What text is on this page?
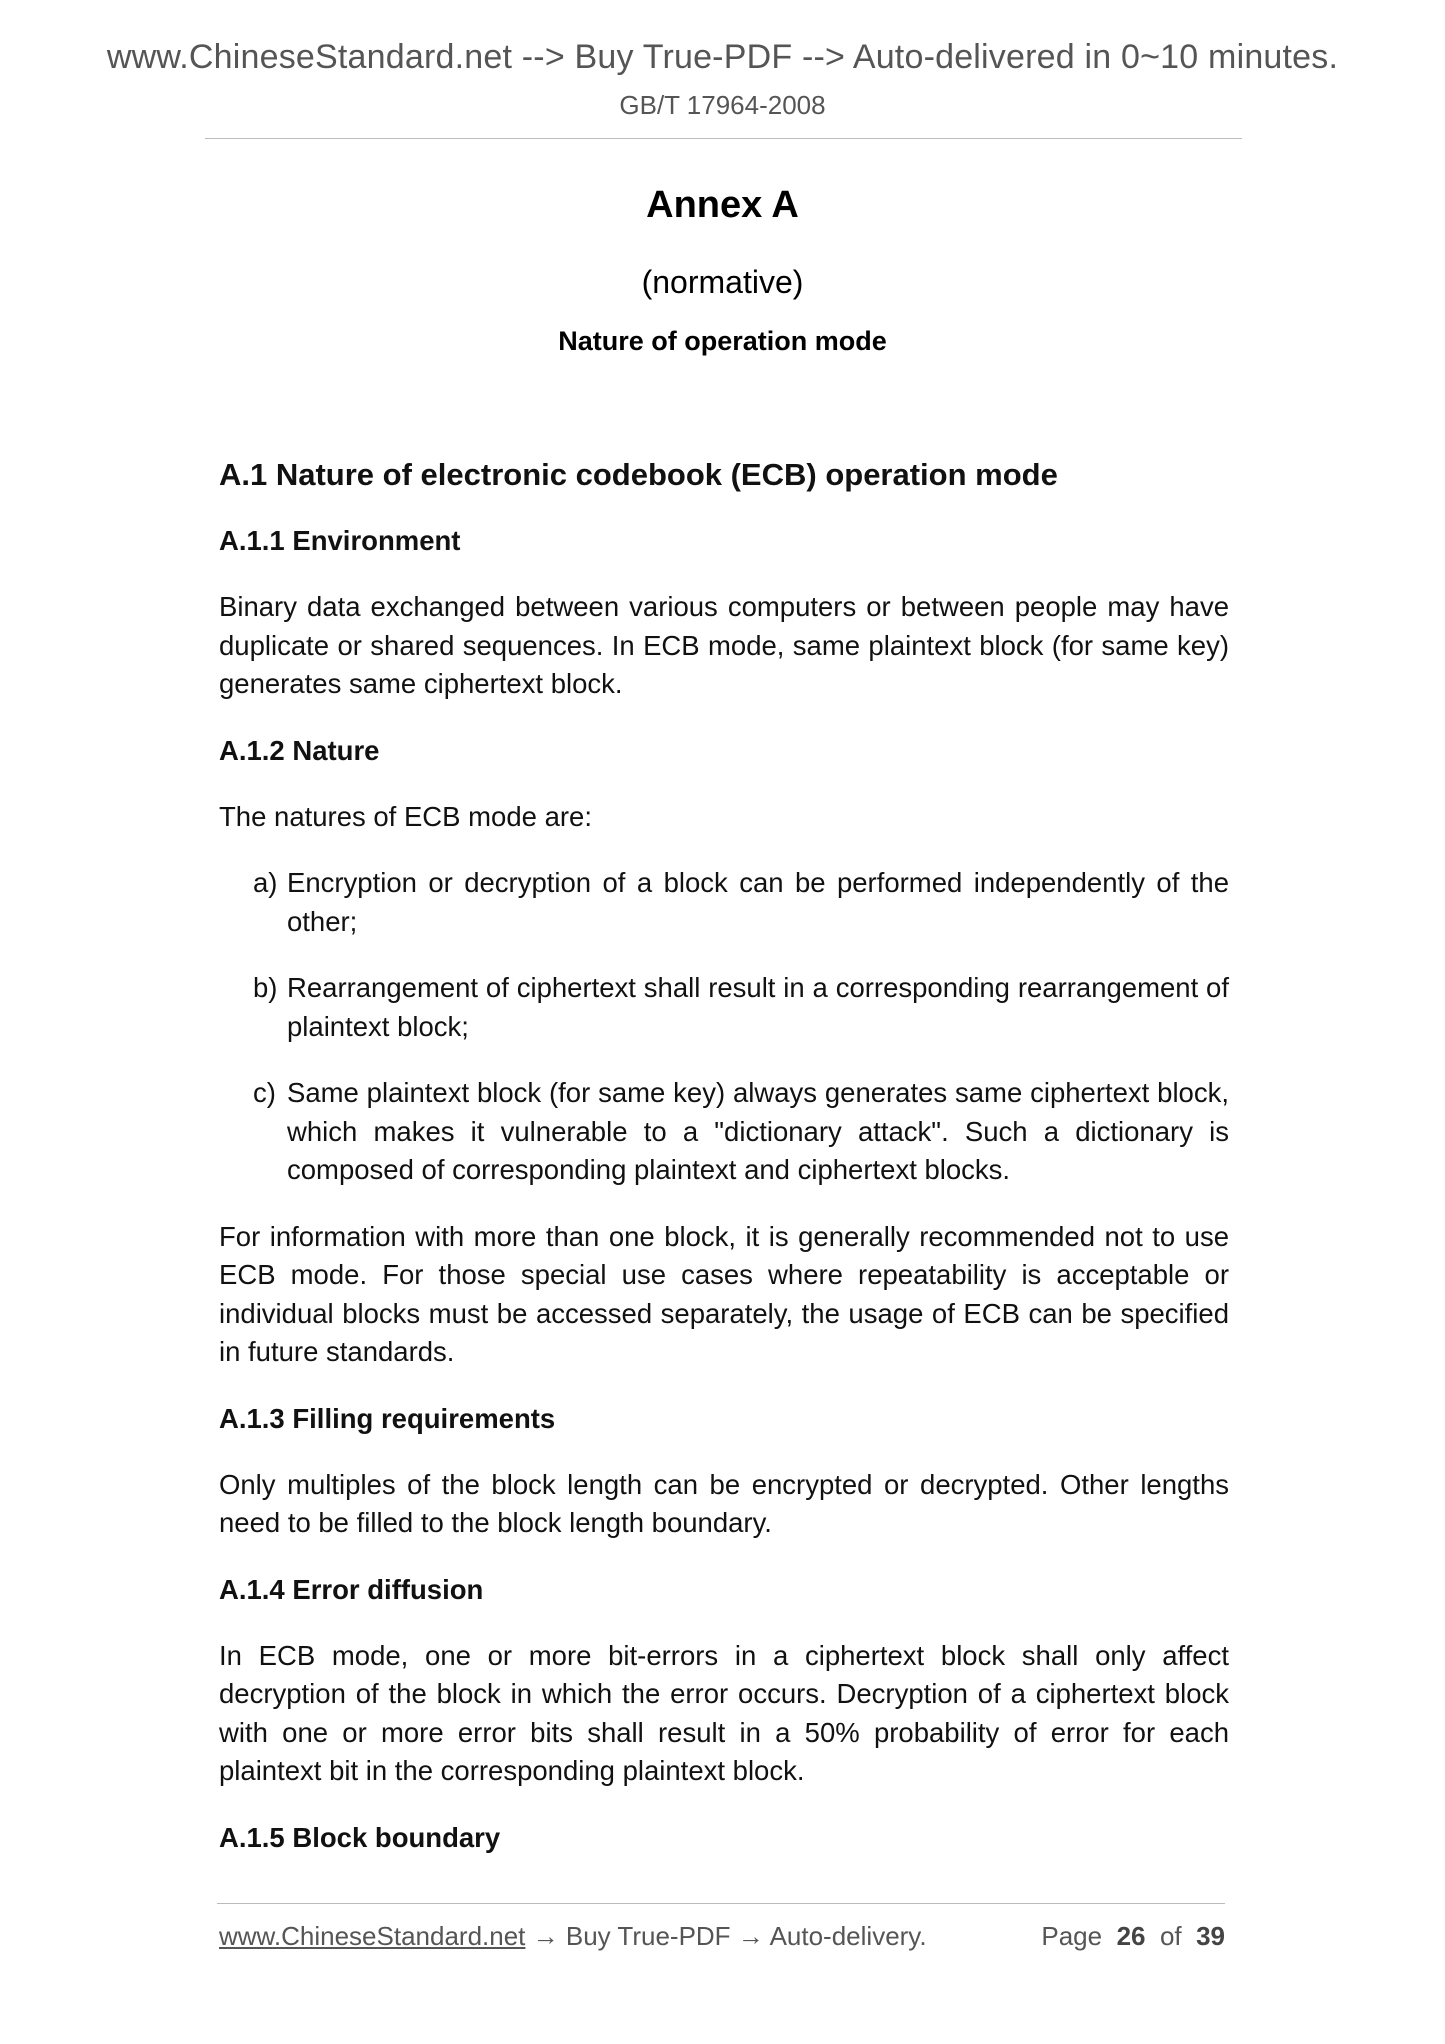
www.ChineseStandard.net --> Buy True-PDF --> Auto-delivered in 0~10 minutes.
GB/T 17964-2008
Annex A
(normative)
Nature of operation mode
A.1 Nature of electronic codebook (ECB) operation mode
A.1.1 Environment
Binary data exchanged between various computers or between people may have duplicate or shared sequences. In ECB mode, same plaintext block (for same key) generates same ciphertext block.
A.1.2 Nature
The natures of ECB mode are:
a) Encryption or decryption of a block can be performed independently of the other;
b) Rearrangement of ciphertext shall result in a corresponding rearrangement of plaintext block;
c) Same plaintext block (for same key) always generates same ciphertext block, which makes it vulnerable to a "dictionary attack". Such a dictionary is composed of corresponding plaintext and ciphertext blocks.
For information with more than one block, it is generally recommended not to use ECB mode. For those special use cases where repeatability is acceptable or individual blocks must be accessed separately, the usage of ECB can be specified in future standards.
A.1.3 Filling requirements
Only multiples of the block length can be encrypted or decrypted. Other lengths need to be filled to the block length boundary.
A.1.4 Error diffusion
In ECB mode, one or more bit-errors in a ciphertext block shall only affect decryption of the block in which the error occurs. Decryption of a ciphertext block with one or more error bits shall result in a 50% probability of error for each plaintext bit in the corresponding plaintext block.
A.1.5 Block boundary
www.ChineseStandard.net → Buy True-PDF → Auto-delivery.	Page 26 of 39
